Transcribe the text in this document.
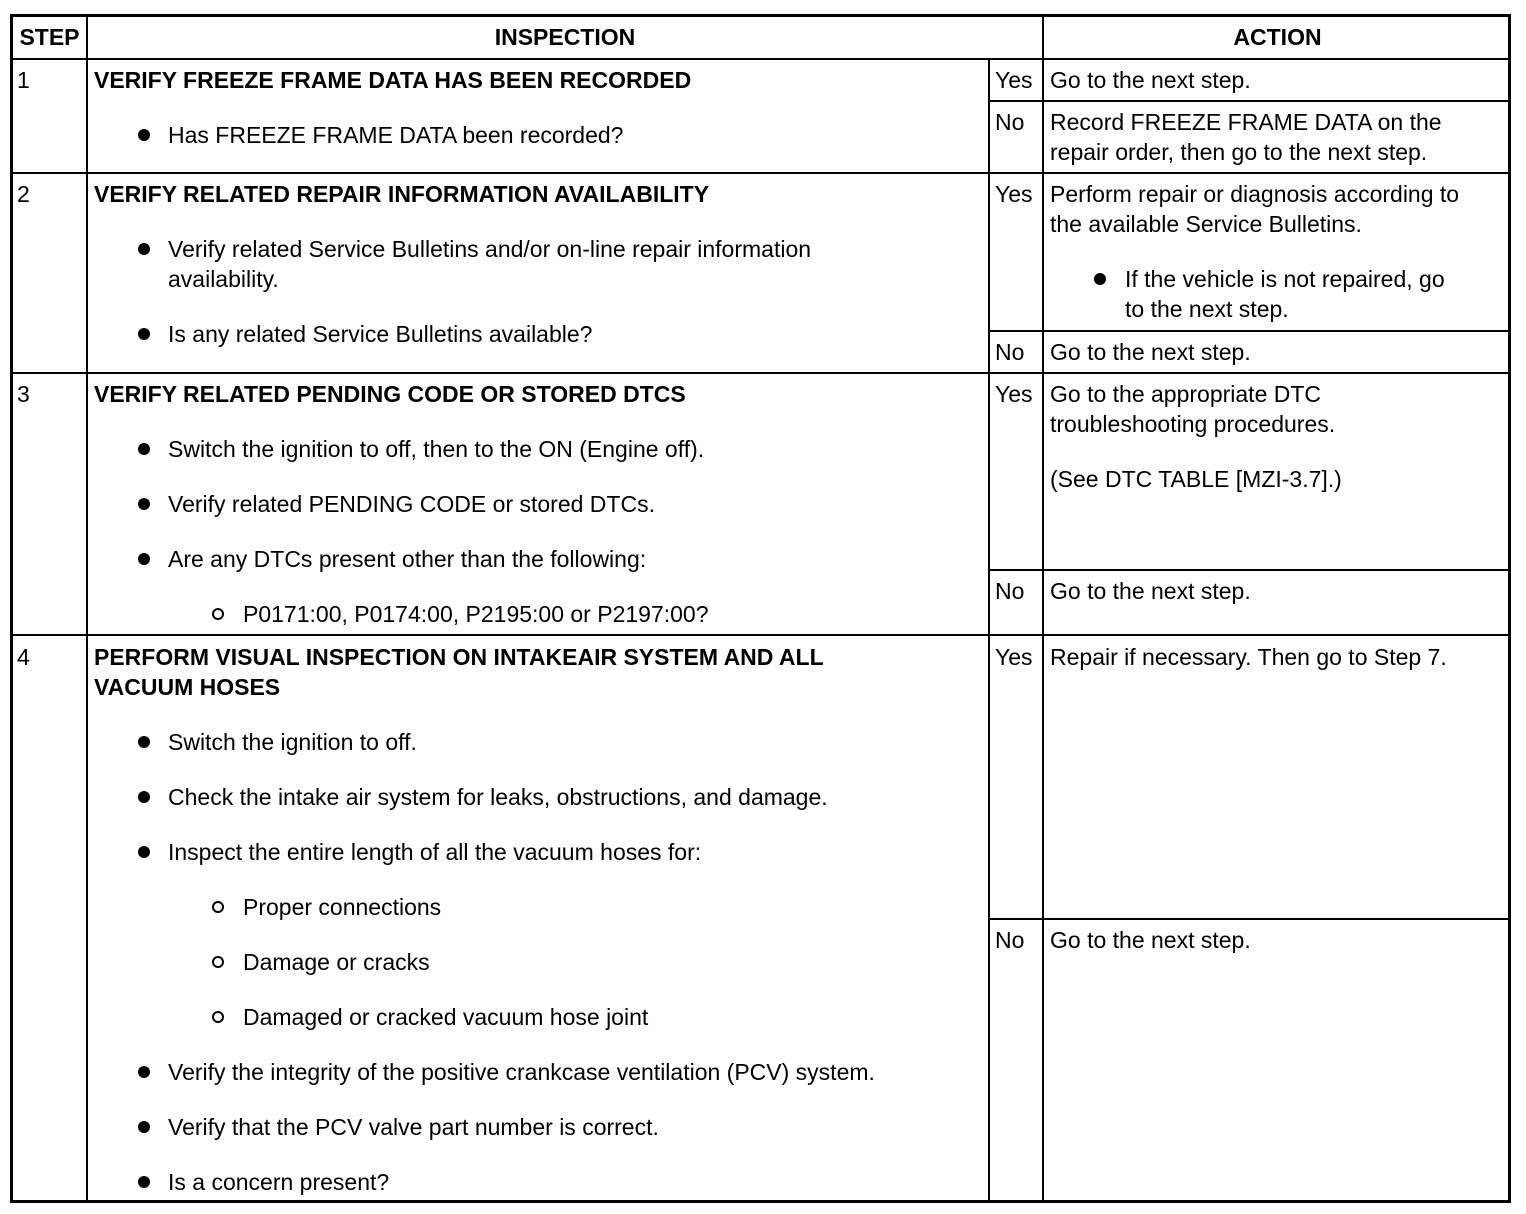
STEP	INSPECTION	ACTION
1	VERIFY FREEZE FRAME DATA HAS BEEN RECORDED
Has FREEZE FRAME DATA been recorded?
Yes Go to the next step.
No Record FREEZE FRAME DATA on the
repair order, then go to the next step.
2	VERIFY RELATED REPAIR INFORMATION AVAILABILITY
Verify related Service Bulletins and/or on-line repair information
availability.
Is any related Service Bulletins available?
Yes Perform repair or diagnosis according to
the available Service Bulletins.
If the vehicle is not repaired, go
to the next step.
No Go to the next step.
3	VERIFY RELATED PENDING CODE OR STORED DTCS
Switch the ignition to off, then to the ON (Engine off).
Verify related PENDING CODE or stored DTCs.
Are any DTCs present other than the following:
P0171:00, P0174:00, P2195:00 or P2197:00?
Yes Go to the appropriate DTC
troubleshooting procedures.
(See DTC TABLE [MZI-3.7].)
No Go to the next step.
4	PERFORM VISUAL INSPECTION ON INTAKEAIR SYSTEM AND ALL
VACUUM HOSES
Switch the ignition to off.
Check the intake air system for leaks, obstructions, and damage.
Inspect the entire length of all the vacuum hoses for:
Proper connections
Damage or cracks
Damaged or cracked vacuum hose joint
Verify the integrity of the positive crankcase ventilation (PCV) system.
Verify that the PCV valve part number is correct.
Is a concern present?
Yes Repair if necessary. Then go to Step 7.
No Go to the next step.
